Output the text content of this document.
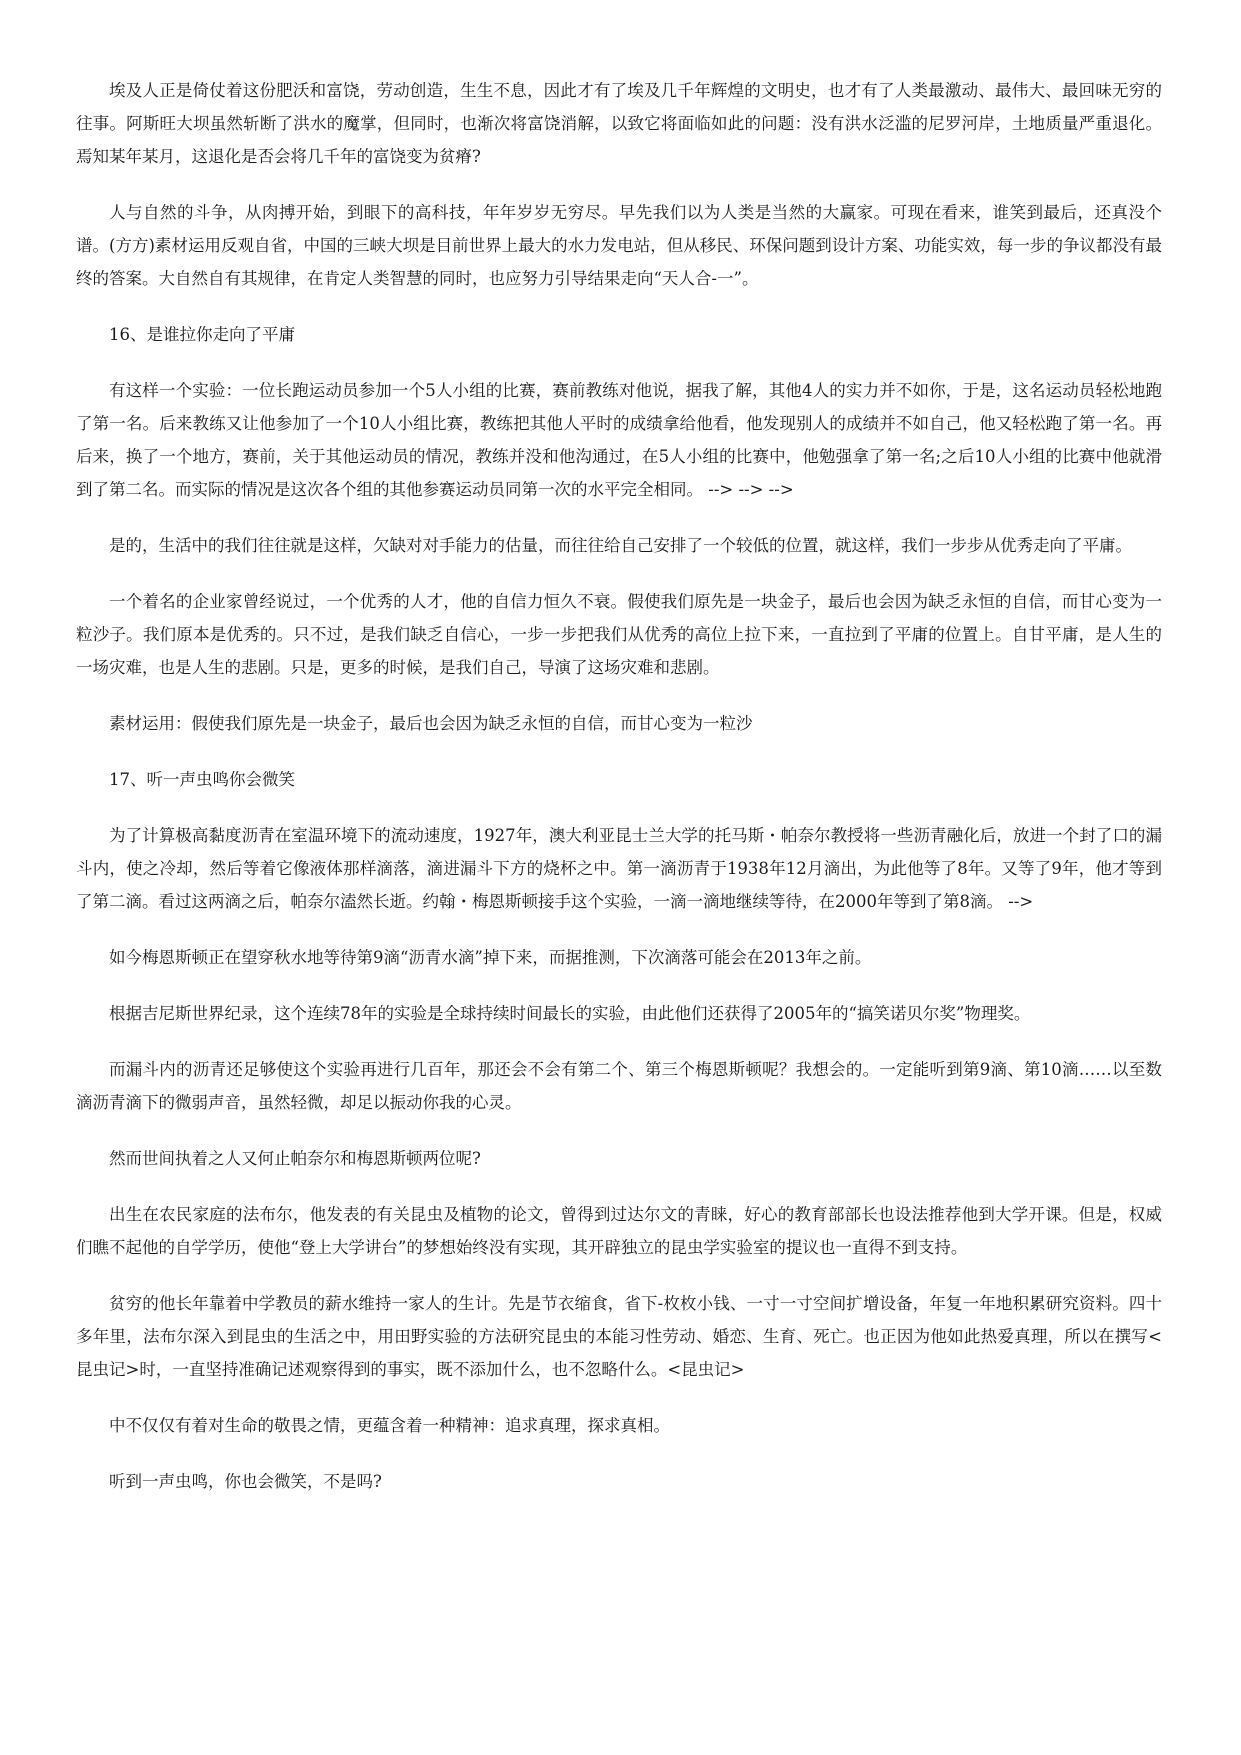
埃及人正是倚仗着这份肥沃和富饶，劳动创造，生生不息，因此才有了埃及几千年辉煌的文明史，也才有了人类最激动、最伟大、最回味无穷的往事。阿斯旺大坝虽然斩断了洪水的魔掌，但同时，也渐次将富饶消解，以致它将面临如此的问题：没有洪水泛滥的尼罗河岸，土地质量严重退化。焉知某年某月，这退化是否会将几千年的富饶变为贫瘠?

人与自然的斗争，从肉搏开始，到眼下的高科技，年年岁岁无穷尽。早先我们以为人类是当然的大赢家。可现在看来，谁笑到最后，还真没个谱。(方方)素材运用反观自省，中国的三峡大坝是目前世界上最大的水力发电站，但从移民、环保问题到设计方案、功能实效，每一步的争议都没有最终的答案。大自然自有其规律，在肯定人类智慧的同时，也应努力引导结果走向“天人合-一”。

16、是谁拉你走向了平庸

有这样一个实验：一位长跑运动员参加一个5人小组的比赛，赛前教练对他说，据我了解，其他4人的实力并不如你，于是，这名运动员轻松地跑了第一名。后来教练又让他参加了一个10人小组比赛，教练把其他人平时的成绩拿给他看，他发现别人的成绩并不如自己，他又轻松跑了第一名。再后来，换了一个地方，赛前，关于其他运动员的情况，教练并没和他沟通过，在5人小组的比赛中，他勉强拿了第一名;之后10人小组的比赛中他就滑到了第二名。而实际的情况是这次各个组的其他参赛运动员同第一次的水平完全相同。 --> --> -->

是的，生活中的我们往往就是这样，欠缺对对手能力的估量，而往往给自己安排了一个较低的位置，就这样，我们一步步从优秀走向了平庸。

一个着名的企业家曾经说过，一个优秀的人才，他的自信力恒久不衰。假使我们原先是一块金子，最后也会因为缺乏永恒的自信，而甘心变为一粒沙子。我们原本是优秀的。只不过，是我们缺乏自信心，一步一步把我们从优秀的高位上拉下来，一直拉到了平庸的位置上。自甘平庸，是人生的一场灾难，也是人生的悲剧。只是，更多的时候，是我们自己，导演了这场灾难和悲剧。

素材运用：假使我们原先是一块金子，最后也会因为缺乏永恒的自信，而甘心变为一粒沙

17、听一声虫鸣你会微笑

为了计算极高黏度沥青在室温环境下的流动速度，1927年，澳大利亚昆士兰大学的托马斯・帕奈尔教授将一些沥青融化后，放进一个封了口的漏斗内，使之冷却，然后等着它像液体那样滴落，滴进漏斗下方的烧杯之中。第一滴沥青于1938年12月滴出，为此他等了8年。又等了9年，他才等到了第二滴。看过这两滴之后，帕奈尔溘然长逝。约翰・梅恩斯顿接手这个实验，一滴一滴地继续等待，在2000年等到了第8滴。 -->

如今梅恩斯顿正在望穿秋水地等待第9滴“沥青水滴”掉下来，而据推测，下次滴落可能会在2013年之前。

根据吉尼斯世界纪录，这个连续78年的实验是全球持续时间最长的实验，由此他们还获得了2005年的“搞笑诺贝尔奖”物理奖。

而漏斗内的沥青还足够使这个实验再进行几百年，那还会不会有第二个、第三个梅恩斯顿呢？我想会的。一定能听到第9滴、第10滴……以至数滴沥青滴下的微弱声音，虽然轻微，却足以振动你我的心灵。

然而世间执着之人又何止帕奈尔和梅恩斯顿两位呢?

出生在农民家庭的法布尔，他发表的有关昆虫及植物的论文，曾得到过达尔文的青睐，好心的教育部部长也设法推荐他到大学开课。但是，权威们瞧不起他的自学学历，使他“登上大学讲台”的梦想始终没有实现，其开辟独立的昆虫学实验室的提议也一直得不到支持。

贫穷的他长年靠着中学教员的薪水维持一家人的生计。先是节衣缩食，省下-枚枚小钱、一寸一寸空间扩增设备，年复一年地积累研究资料。四十多年里，法布尔深入到昆虫的生活之中，用田野实验的方法研究昆虫的本能习性劳动、婚恋、生育、死亡。也正因为他如此热爱真理，所以在撰写<昆虫记>时，一直坚持准确记述观察得到的事实，既不添加什么，也不忽略什么。<昆虫记>

中不仅仅有着对生命的敬畏之情，更蕴含着一种精神：追求真理，探求真相。

听到一声虫鸣，你也会微笑，不是吗?
